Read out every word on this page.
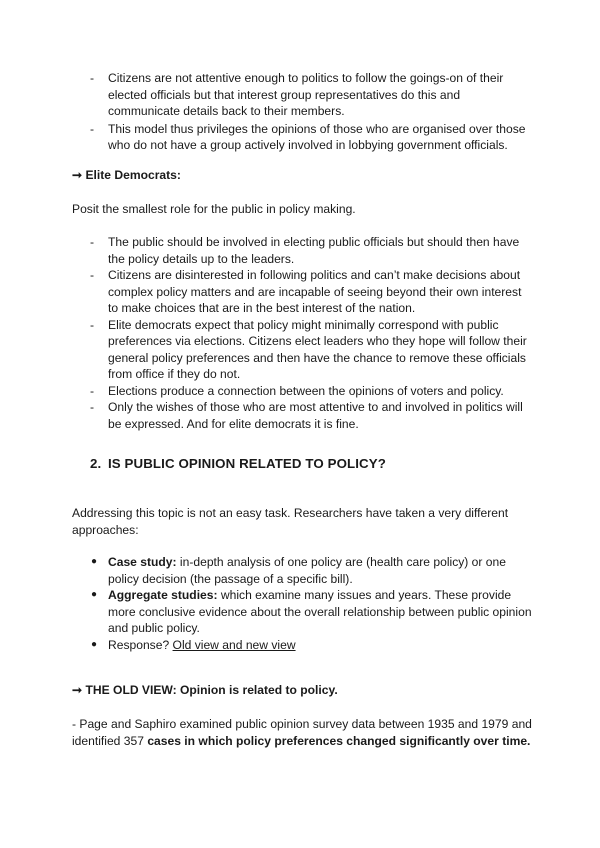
- Citizens are not attentive enough to politics to follow the goings-on of their elected officials but that interest group representatives do this and communicate details back to their members.
- This model thus privileges the opinions of those who are organised over those who do not have a group actively involved in lobbying government officials.

➞ Elite Democrats:

Posit the smallest role for the public in policy making.

- The public should be involved in electing public officials but should then have the policy details up to the leaders.
- Citizens are disinterested in following politics and can’t make decisions about complex policy matters and are incapable of seeing beyond their own interest to make choices that are in the best interest of the nation.
- Elite democrats expect that policy might minimally correspond with public preferences via elections. Citizens elect leaders who they hope will follow their general policy preferences and then have the chance to remove these officials from office if they do not.
- Elections produce a connection between the opinions of voters and policy.
- Only the wishes of those who are most attentive to and involved in politics will be expressed. And for elite democrats it is fine.

2. IS PUBLIC OPINION RELATED TO POLICY?

Addressing this topic is not an easy task. Researchers have taken a very different approaches:

● Case study: in-depth analysis of one policy are (health care policy) or one policy decision (the passage of a specific bill).
● Aggregate studies: which examine many issues and years. These provide more conclusive evidence about the overall relationship between public opinion and public policy.
● Response? Old view and new view

➞ THE OLD VIEW: Opinion is related to policy.

- Page and Saphiro examined public opinion survey data between 1935 and 1979 and identified 357 cases in which policy preferences changed significantly over time.
